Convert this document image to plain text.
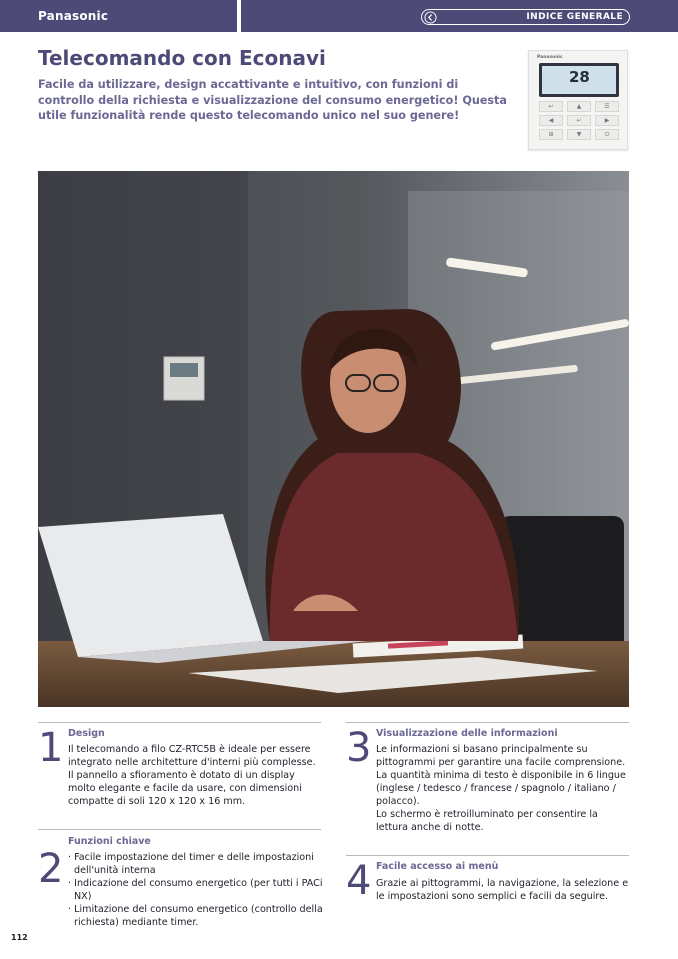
Panasonic	INDICE GENERALE
Telecomando con Econavi

Facile da utilizzare, design accattivante e intuitivo, con funzioni di controllo della richiesta e visualizzazione del consumo energetico! Questa utile funzionalità rende questo telecomando unico nel suo genere!

Panasonic
28
↩	▲	☰
◀	↵	▶
⊞	▼	⏻
1 Design

Il telecomando a filo CZ-RTC5B è ideale per essere integrato nelle architetture d'interni più complesse. Il pannello a sfioramento è dotato di un display molto elegante e facile da usare, con dimensioni compatte di soli 120 x 120 x 16 mm.

2
Funzioni chiave
· Facile impostazione del timer e delle impostazioni dell'unità interna
· Indicazione del consumo energetico (per tutti i PACi NX)
· Limitazione del consumo energetico (controllo della richiesta) mediante timer.
3 Visualizzazione delle informazioni

Le informazioni si basano principalmente su pittogrammi per garantire una facile comprensione. La quantità minima di testo è disponibile in 6 lingue (inglese / tedesco / francese / spagnolo / italiano / polacco).

Lo schermo è retroilluminato per consentire la lettura anche di notte.

4 Facile accesso ai menù

Grazie ai pittogrammi, la navigazione, la selezione e le impostazioni sono semplici e facili da seguire.

112
